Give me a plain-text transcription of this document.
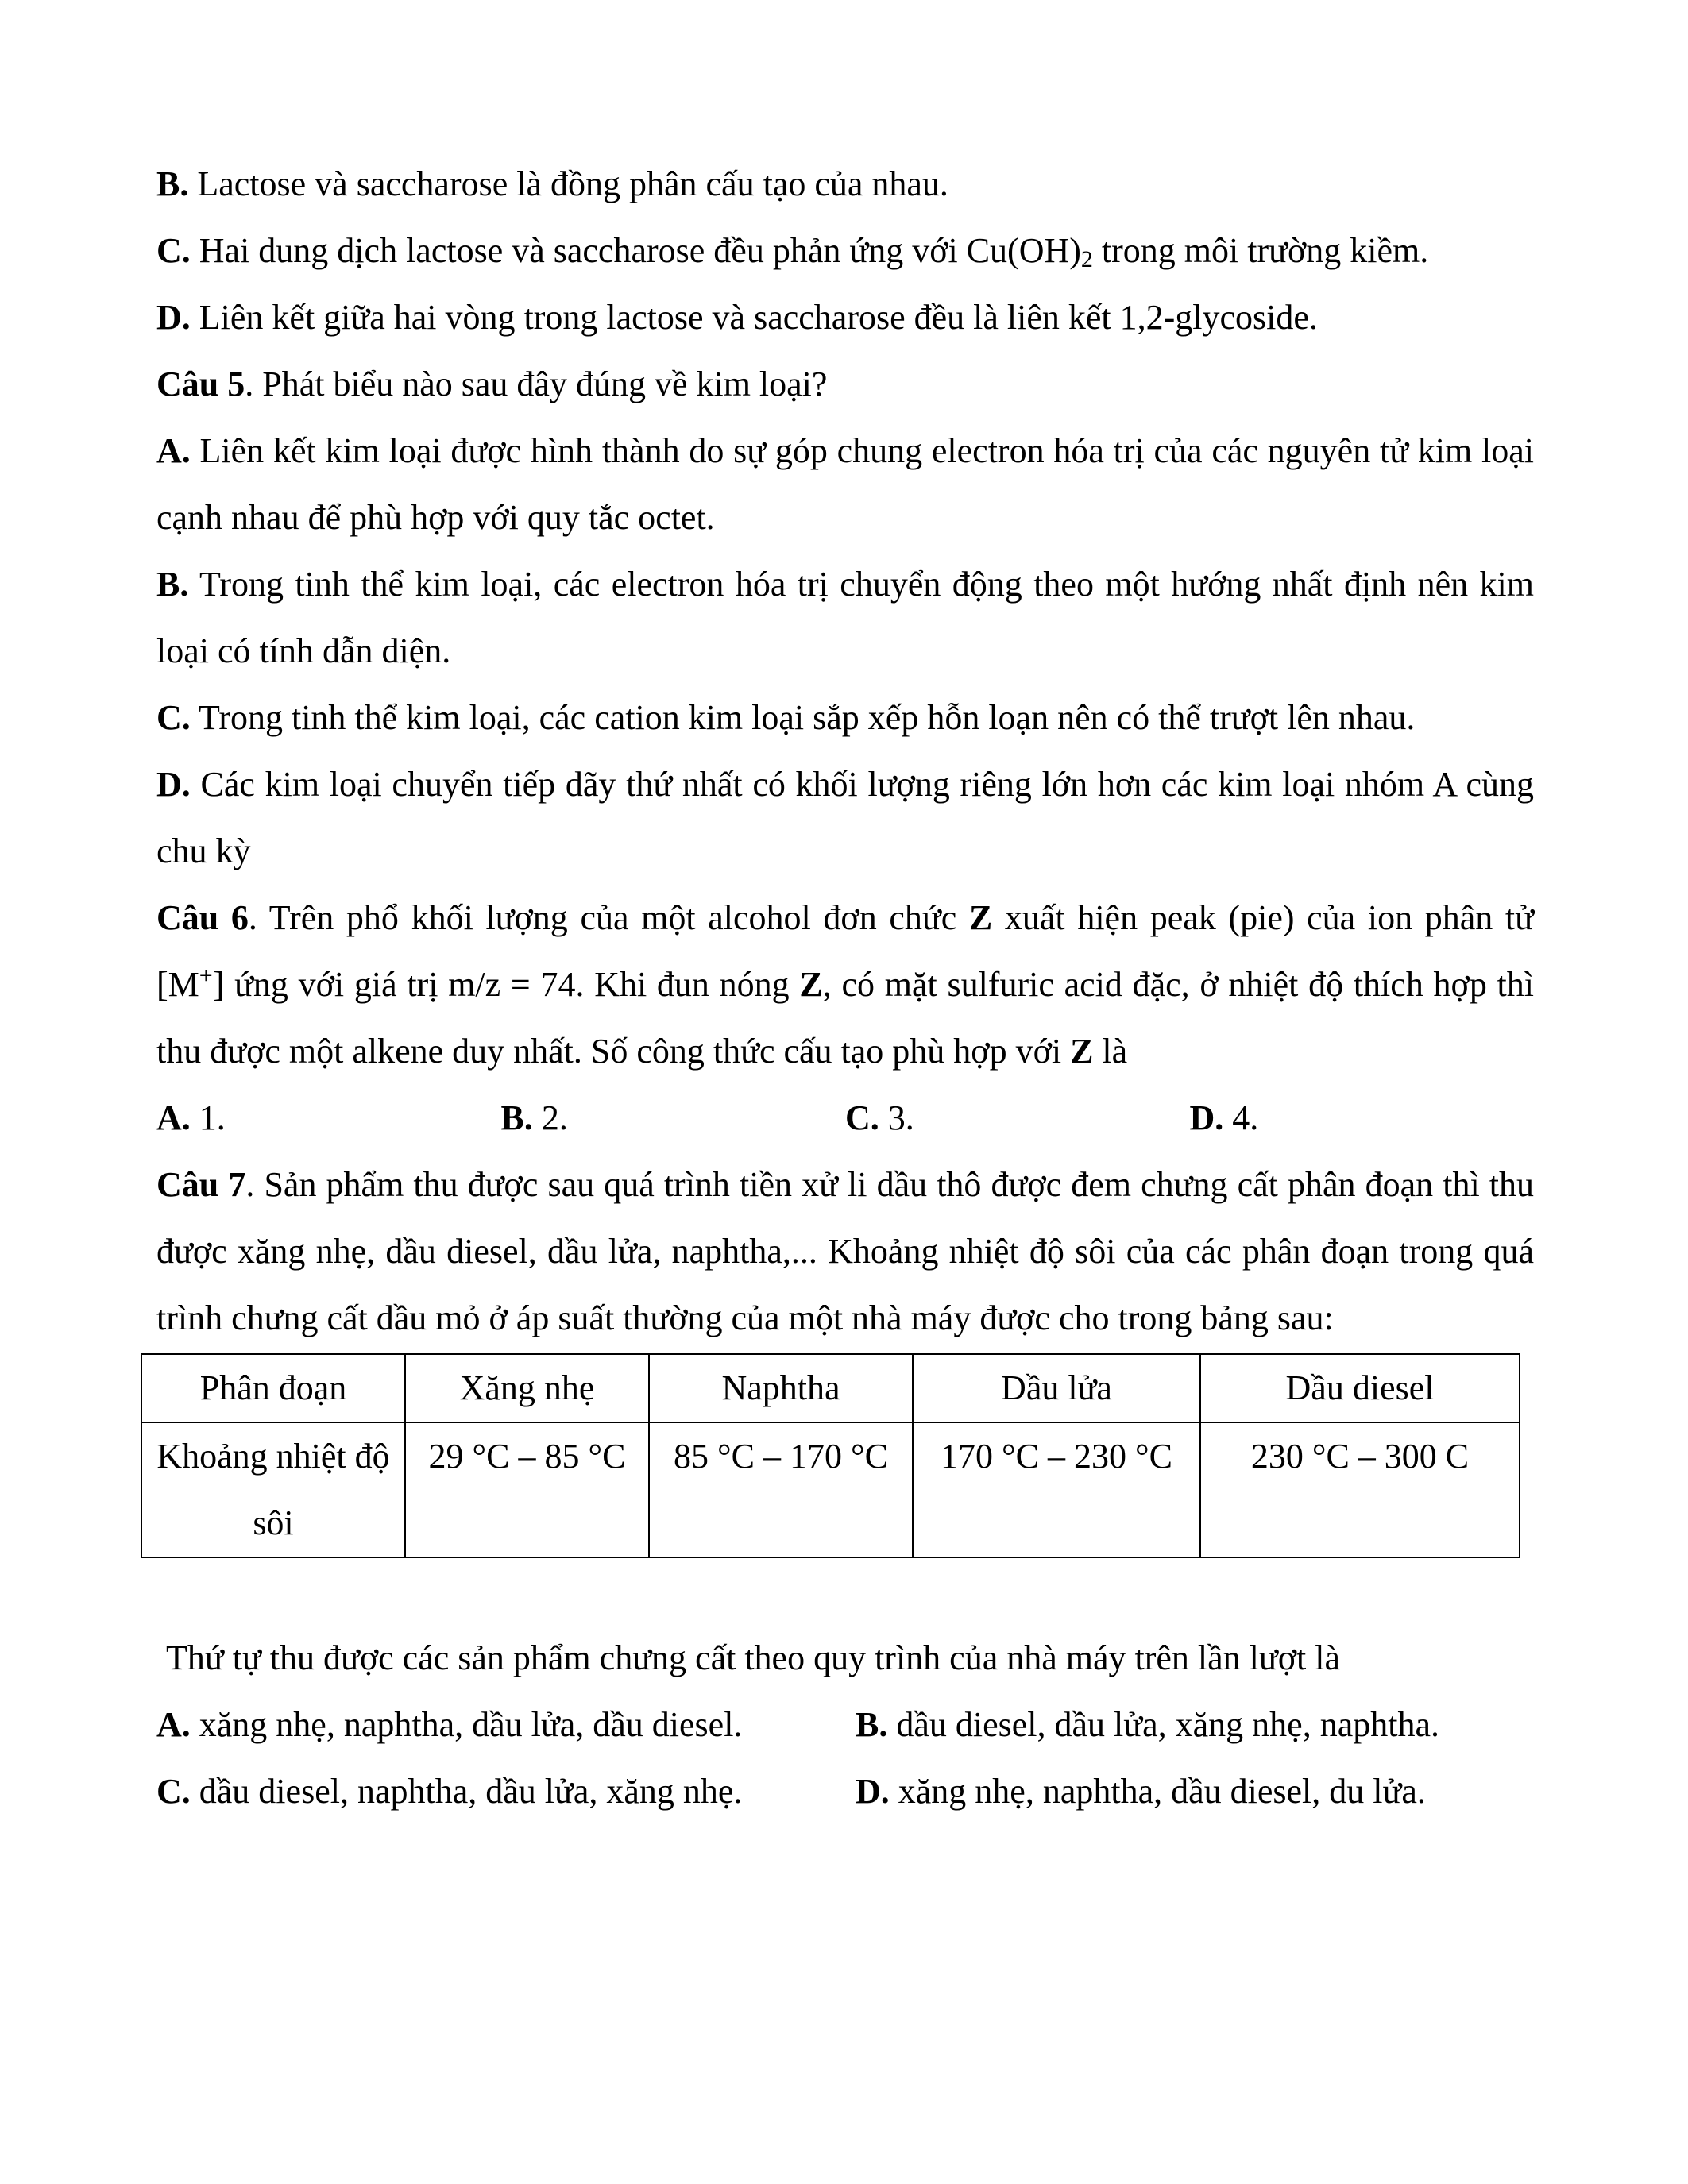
B. Lactose và saccharose là đồng phân cấu tạo của nhau.

C. Hai dung dịch lactose và saccharose đều phản ứng với $Cu(OH)_2$ trong môi trường kiềm.

D. Liên kết giữa hai vòng trong lactose và saccharose đều là liên kết 1,2-glycoside.

Câu 5. Phát biểu nào sau đây đúng về kim loại?

A. Liên kết kim loại được hình thành do sự góp chung electron hóa trị của các nguyên tử kim loại cạnh nhau để phù hợp với quy tắc octet.

B. Trong tinh thể kim loại, các electron hóa trị chuyển động theo một hướng nhất định nên kim loại có tính dẫn diện.

C. Trong tinh thể kim loại, các cation kim loại sắp xếp hỗn loạn nên có thể trượt lên nhau.

D. Các kim loại chuyển tiếp dãy thứ nhất có khối lượng riêng lớn hơn các kim loại nhóm A cùng chu kỳ

Câu 6. Trên phổ khối lượng của một alcohol đơn chức Z xuất hiện peak (pie) của ion phân tử [M+] ứng với giá trị m/z = 74. Khi đun nóng Z, có mặt sulfuric acid đặc, ở nhiệt độ thích hợp thì thu được một alkene duy nhất. Số công thức cấu tạo phù hợp với Z là

A. 1.	B. 2.	C. 3.	D. 4.

Câu 7. Sản phẩm thu được sau quá trình tiền xử li dầu thô được đem chưng cất phân đoạn thì thu được xăng nhẹ, dầu diesel, dầu lửa, naphtha,... Khoảng nhiệt độ sôi của các phân đoạn trong quá trình chưng cất dầu mỏ ở áp suất thường của một nhà máy được cho trong bảng sau:

Phân đoạn	Xăng nhẹ	Naphtha	Dầu lửa	Dầu diesel
Khoảng nhiệt độ sôi	29 °C – 85 °C	85 °C – 170 °C	170 °C – 230 °C	230 °C – 300 C

Thứ tự thu được các sản phẩm chưng cất theo quy trình của nhà máy trên lần lượt là

A. xăng nhẹ, naphtha, dầu lửa, dầu diesel.	B. dầu diesel, dầu lửa, xăng nhẹ, naphtha.
C. dầu diesel, naphtha, dầu lửa, xăng nhẹ.	D. xăng nhẹ, naphtha, dầu diesel, du lửa.
